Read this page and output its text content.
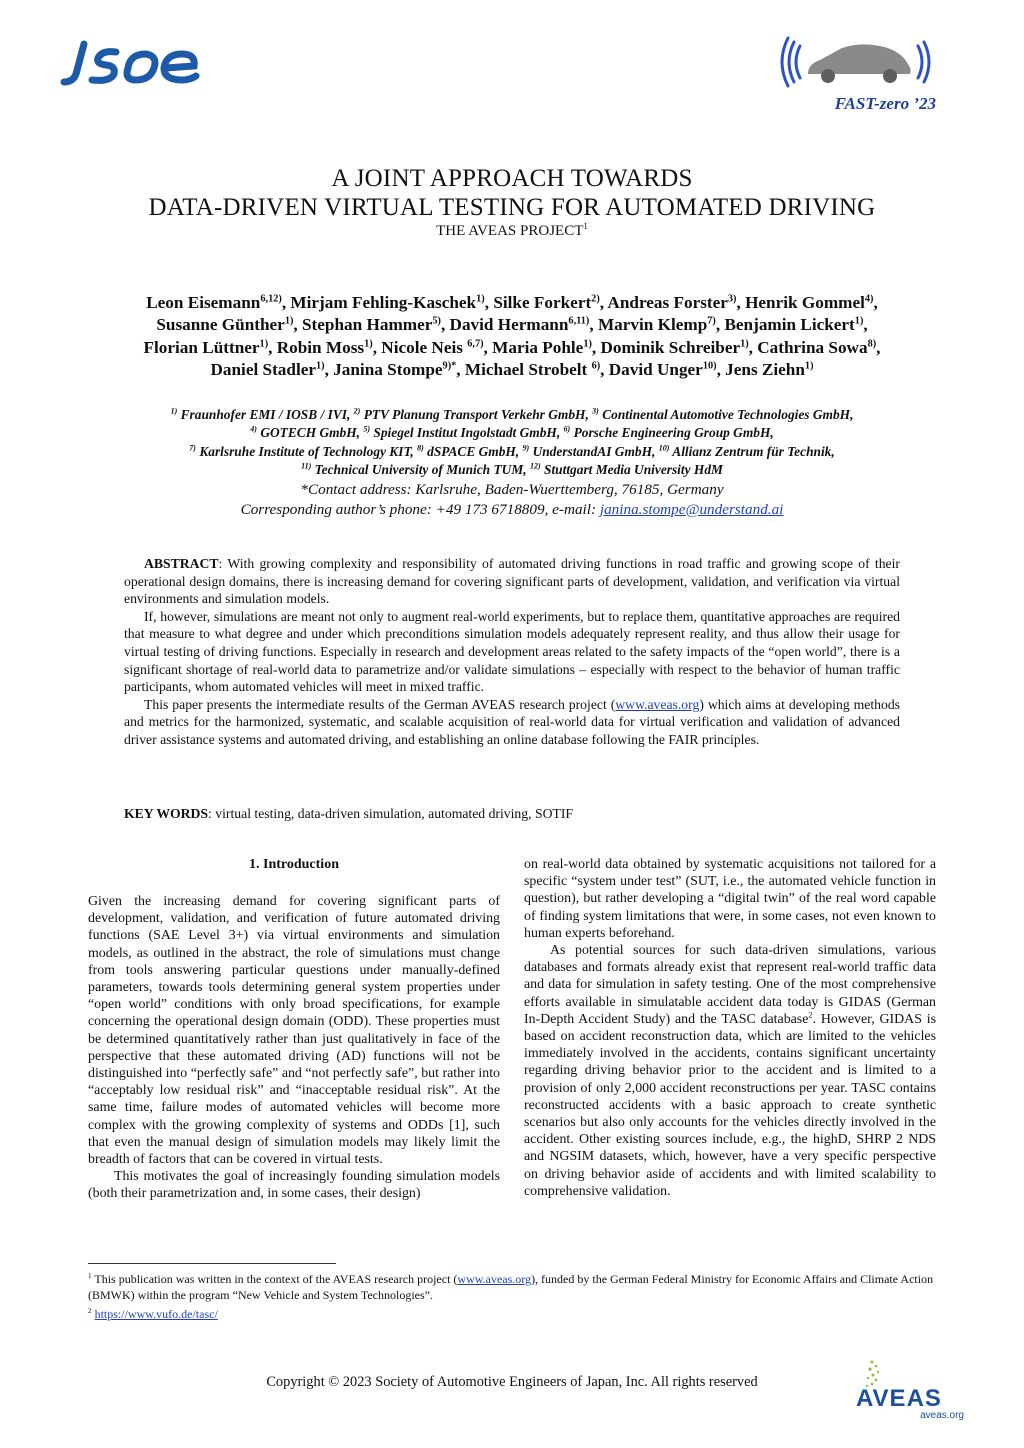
JSAE
FAST-zero ’23
A JOINT APPROACH TOWARDS
DATA-DRIVEN VIRTUAL TESTING FOR AUTOMATED DRIVING
THE AVEAS PROJECT$^1$
Leon Eisemann$^{6,12)}$, Mirjam Fehling-Kaschek$^{1)}$, Silke Forkert$^{2)}$, Andreas Forster$^{3)}$, Henrik Gommel$^{4)}$,
Susanne Günther$^{1)}$, Stephan Hammer$^{5)}$, David Hermann$^{6,11)}$, Marvin Klemp$^{7)}$, Benjamin Lickert$^{1)}$,
Florian Lüttner$^{1)}$, Robin Moss$^{1)}$, Nicole Neis $^{6,7)}$, Maria Pohle$^{1)}$, Dominik Schreiber$^{1)}$, Cathrina Sowa$^{8)}$,
Daniel Stadler$^{1)}$, Janina Stompe$^{9)*}$, Michael Strobelt $^{6)}$, David Unger$^{10)}$, Jens Ziehn$^{1)}$
$^{1)}$ Fraunhofer EMI / IOSB / IVI, $^{2)}$ PTV Planung Transport Verkehr GmbH, $^{3)}$ Continental Automotive Technologies GmbH,
$^{4)}$ GOTECH GmbH, $^{5)}$ Spiegel Institut Ingolstadt GmbH, $^{6)}$ Porsche Engineering Group GmbH,
$^{7)}$ Karlsruhe Institute of Technology KIT, $^{8)}$ dSPACE GmbH, $^{9)}$ UnderstandAI GmbH, $^{10)}$ Allianz Zentrum für Technik,
$^{11)}$ Technical University of Munich TUM, $^{12)}$ Stuttgart Media University HdM
*Contact address: Karlsruhe, Baden-Wuerttemberg, 76185, Germany
Corresponding author’s phone: +49 173 6718809, e-mail: janina.stompe@understand.ai

ABSTRACT: With growing complexity and responsibility of automated driving functions in road traffic and growing scope of their operational design domains, there is increasing demand for covering significant parts of development, validation, and verification via virtual environments and simulation models.

If, however, simulations are meant not only to augment real-world experiments, but to replace them, quantitative approaches are required that measure to what degree and under which preconditions simulation models adequately represent reality, and thus allow their usage for virtual testing of driving functions. Especially in research and development areas related to the safety impacts of the “open world”, there is a significant shortage of real-world data to parametrize and/or validate simulations – especially with respect to the behavior of human traffic participants, whom automated vehicles will meet in mixed traffic.

This paper presents the intermediate results of the German AVEAS research project (www.aveas.org) which aims at developing methods and metrics for the harmonized, systematic, and scalable acquisition of real-world data for virtual verification and validation of advanced driver assistance systems and automated driving, and establishing an online database following the FAIR principles.

KEY WORDS: virtual testing, data-driven simulation, automated driving, SOTIF
1. Introduction

Given the increasing demand for covering significant parts of development, validation, and verification of future automated driving functions (SAE Level 3+) via virtual environments and simulation models, as outlined in the abstract, the role of simulations must change from tools answering particular questions under manually-defined parameters, towards tools determining general system properties under “open world” conditions with only broad specifications, for example concerning the operational design domain (ODD). These properties must be determined quantitatively rather than just qualitatively in face of the perspective that these automated driving (AD) functions will not be distinguished into “perfectly safe” and “not perfectly safe”, but rather into “acceptably low residual risk” and “inacceptable residual risk”. At the same time, failure modes of automated vehicles will become more complex with the growing complexity of systems and ODDs [1], such that even the manual design of simulation models may likely limit the breadth of factors that can be covered in virtual tests.

This motivates the goal of increasingly founding simulation models (both their parametrization and, in some cases, their design)

on real-world data obtained by systematic acquisitions not tailored for a specific “system under test” (SUT, i.e., the automated vehicle function in question), but rather developing a “digital twin” of the real word capable of finding system limitations that were, in some cases, not even known to human experts beforehand.

As potential sources for such data-driven simulations, various databases and formats already exist that represent real-world traffic data and data for simulation in safety testing. One of the most comprehensive efforts available in simulatable accident data today is GIDAS (German In-Depth Accident Study) and the TASC database$^2$. However, GIDAS is based on accident reconstruction data, which are limited to the vehicles immediately involved in the accidents, contains significant uncertainty regarding driving behavior prior to the accident and is limited to a provision of only 2,000 accident reconstructions per year. TASC contains reconstructed accidents with a basic approach to create synthetic scenarios but also only accounts for the vehicles directly involved in the accident. Other existing sources include, e.g., the highD, SHRP 2 NDS and NGSIM datasets, which, however, have a very specific perspective on driving behavior aside of accidents and with limited scalability to comprehensive validation.

$^1$ This publication was written in the context of the AVEAS research project (www.aveas.org), funded by the German Federal Ministry for Economic Affairs and Climate Action (BMWK) within the program “New Vehicle and System Technologies”.

$^2$ https://www.vufo.de/tasc/

Copyright © 2023 Society of Automotive Engineers of Japan, Inc. All rights reserved
AVEAS
aveas.org
